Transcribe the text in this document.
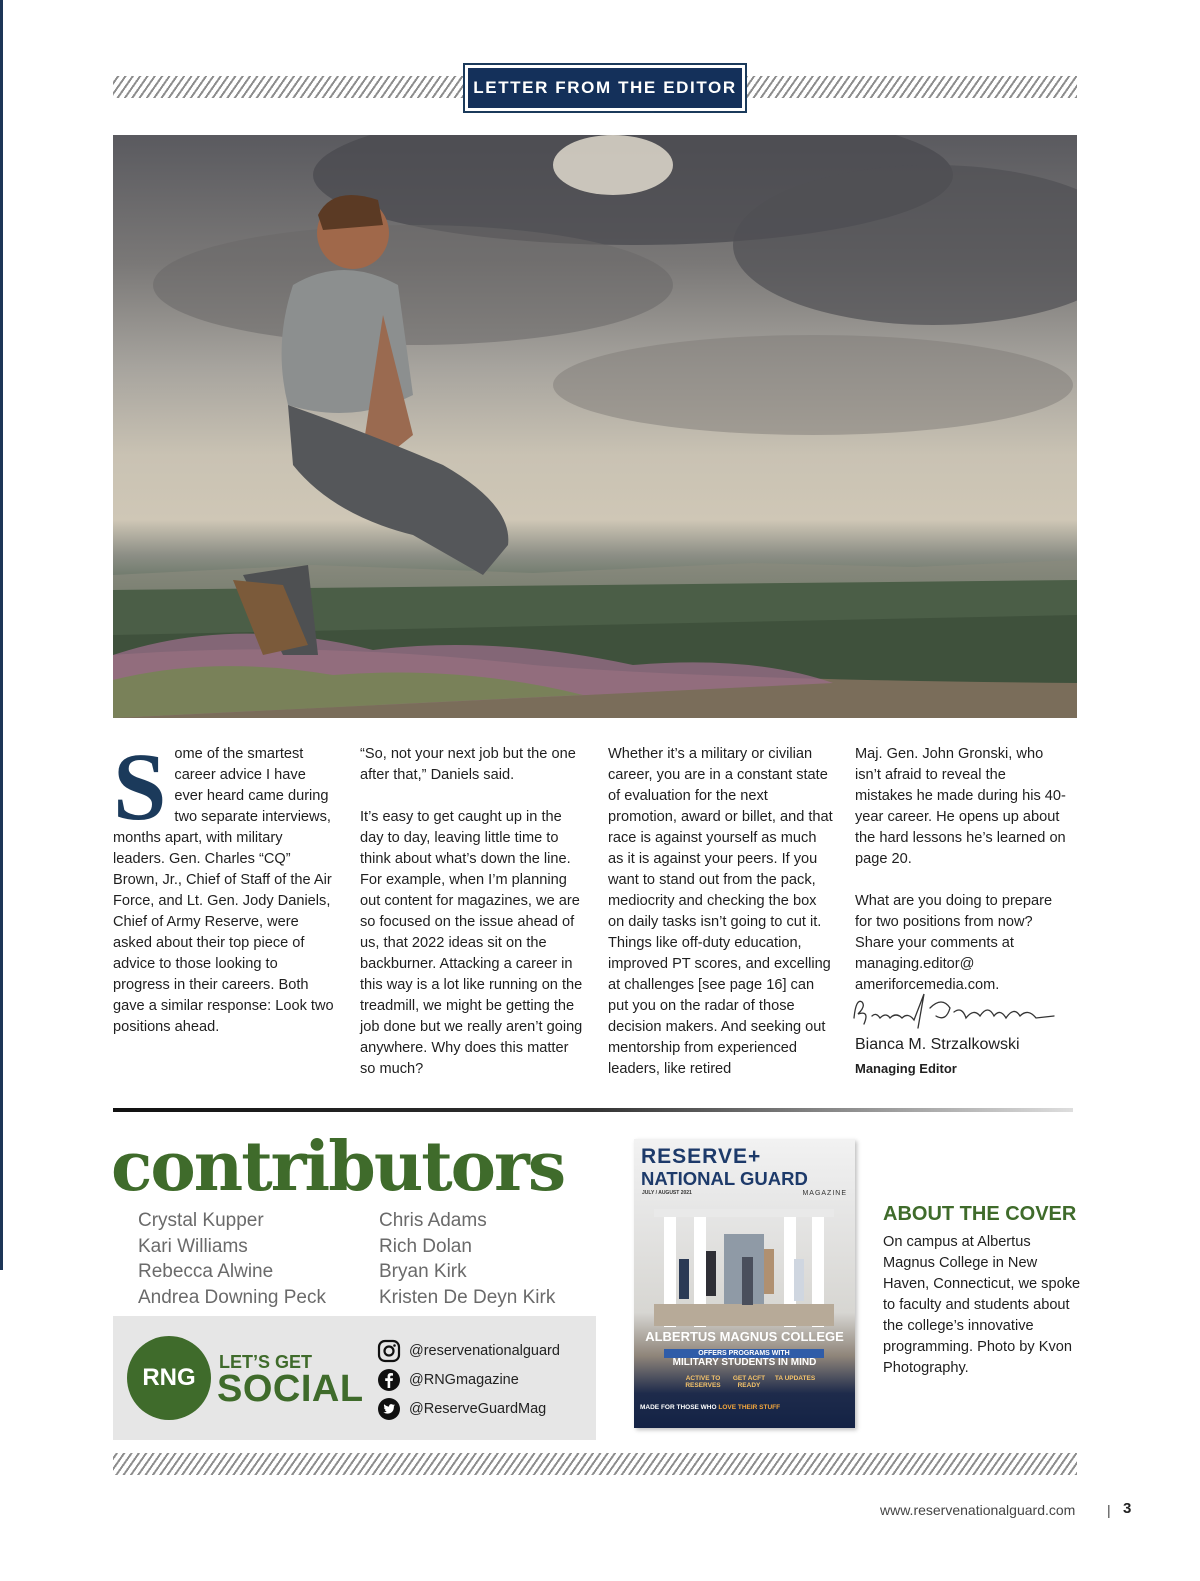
LETTER FROM THE EDITOR
S ome of the smartest career advice I have ever heard came during two separate interviews, months apart, with military leaders. Gen. Charles “CQ” Brown, Jr., Chief of Staff of the Air Force, and Lt. Gen. Jody Daniels, Chief of Army Reserve, were asked about their top piece of advice to those looking to progress in their careers. Both gave a similar response: Look two positions ahead.

“So, not your next job but the one after that,” Daniels said.

It’s easy to get caught up in the day to day, leaving little time to think about what’s down the line. For example, when I’m planning out content for magazines, we are so focused on the issue ahead of us, that 2022 ideas sit on the backburner. Attacking a career in this way is a lot like running on the treadmill, we might be getting the job done but we really aren’t going anywhere. Why does this matter so much?

Whether it’s a military or civilian career, you are in a constant state of evaluation for the next promotion, award or billet, and that race is against yourself as much as it is against your peers. If you want to stand out from the pack, mediocrity and checking the box on daily tasks isn’t going to cut it. Things like off-duty education, improved PT scores, and excelling at challenges [see page 16] can put you on the radar of those decision makers. And seeking out mentorship from experienced leaders, like retired

Maj. Gen. John Gronski, who isn’t afraid to reveal the mistakes he made during his 40-year career. He opens up about the hard lessons he’s learned on page 20.

What are you doing to prepare for two positions from now? Share your comments at managing.editor@ ameriforcemedia.com.

Bianca M. Strzalkowski
Managing Editor
contributors
Crystal Kupper
Kari Williams
Rebecca Alwine
Andrea Downing Peck
Chris Adams
Rich Dolan
Bryan Kirk
Kristen De Deyn Kirk
RNG
LET’S GET
SOCIAL
@reservenationalguard
@RNGmagazine
@ReserveGuardMag
RESERVE+
NATIONAL GUARD
JULY / AUGUST 2021	MAGAZINE
ALBERTUS MAGNUS COLLEGE
OFFERS PROGRAMS WITH
MILITARY STUDENTS IN MIND
ACTIVE TO RESERVES
GET ACFT READY
TA UPDATES
MADE FOR THOSE WHO LOVE THEIR STUFF
ABOUT THE COVER
On campus at Albertus Magnus College in New Haven, Connecticut, we spoke to faculty and students about the college’s innovative programming. Photo by Kvon Photography.
www.reservenationalguard.com | 3
